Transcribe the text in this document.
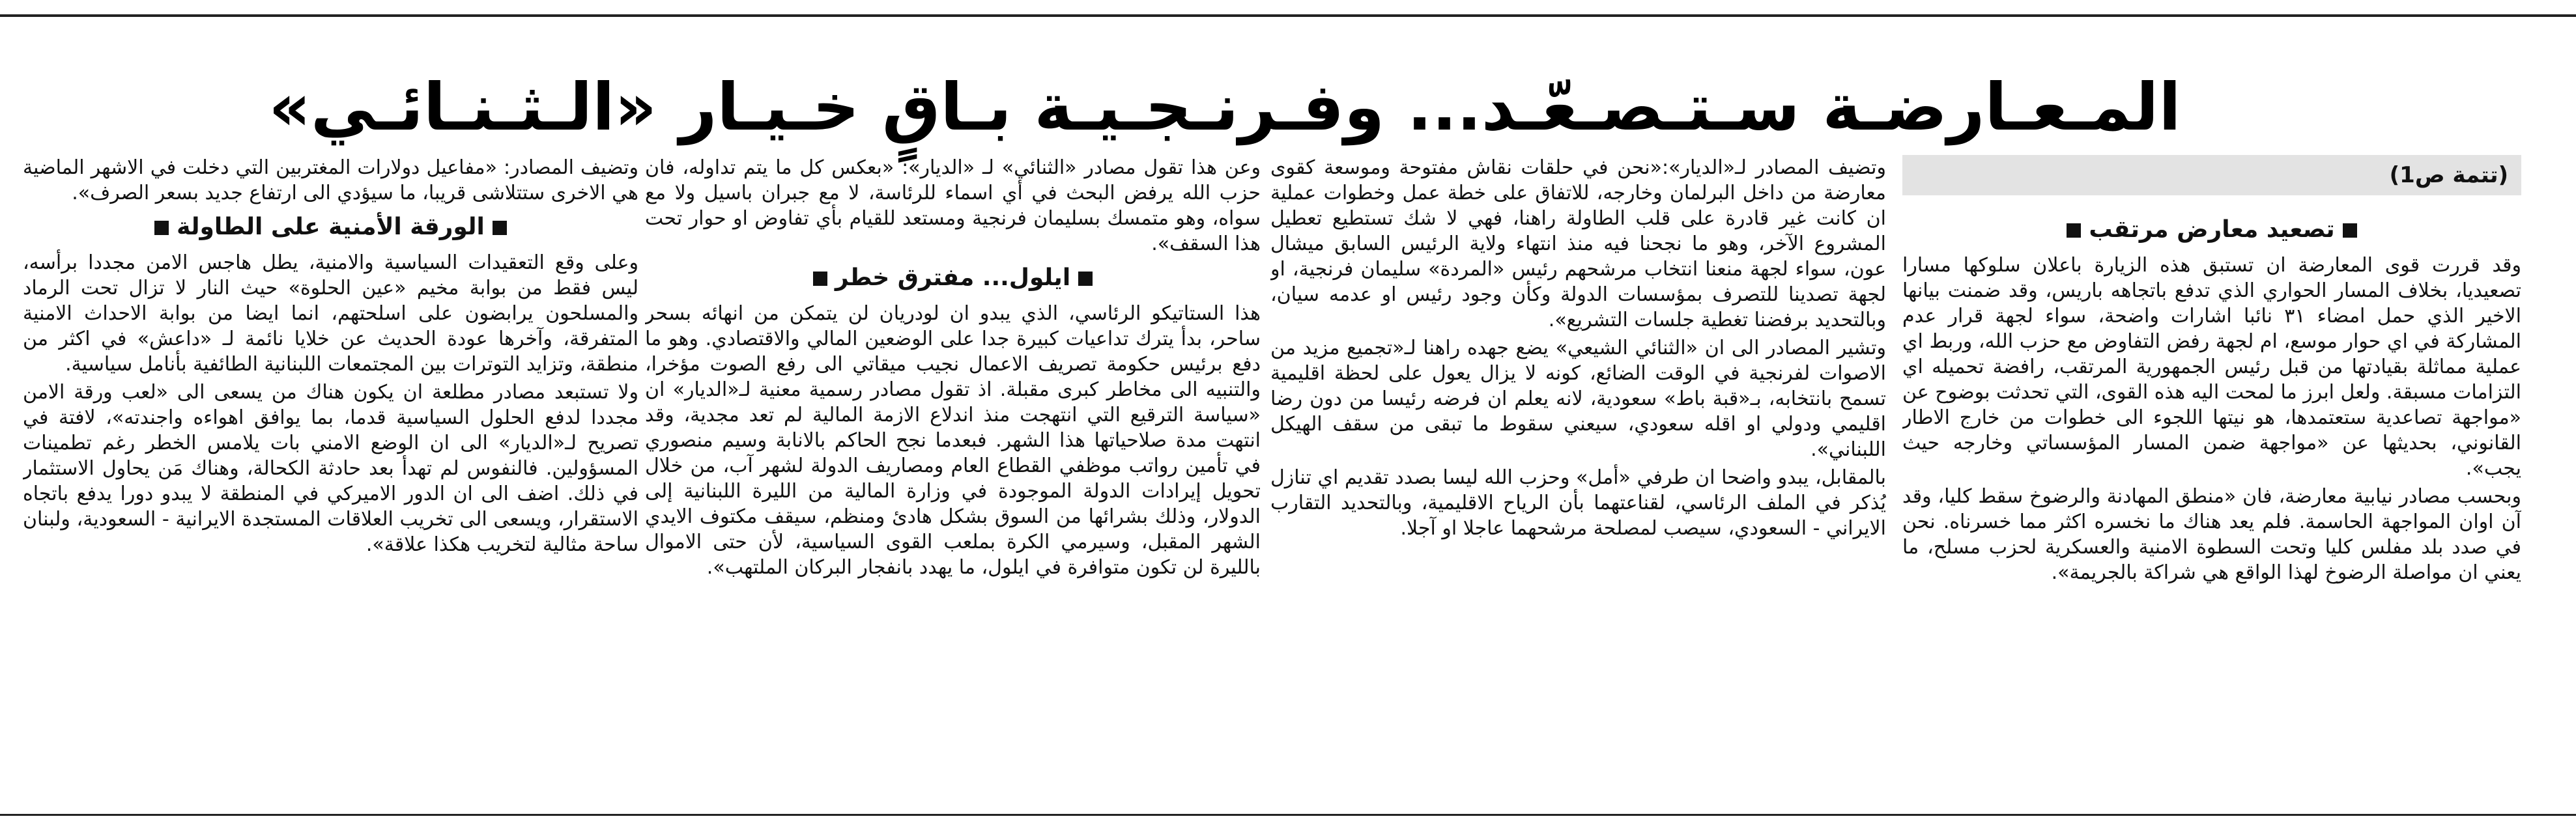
المـعـارضـة سـتـصـعّـد... وفـرنـجـيـة بـاقٍ خـيـار «الـثـنـائـي»
(تتمة ص1)
تصعيد معارض مرتقب

وقد قررت قوى المعارضة ان تستبق هذه الزيارة باعلان سلوكها مسارا تصعيديا، بخلاف المسار الحواري الذي تدفع باتجاهه باريس، وقد ضمنت بيانها الاخير الذي حمل امضاء ٣١ نائبا اشارات واضحة، سواء لجهة قرار عدم المشاركة في اي حوار موسع، ام لجهة رفض التفاوض مع حزب الله، وربط اي عملية مماثلة بقيادتها من قبل رئيس الجمهورية المرتقب، رافضة تحميله اي التزامات مسبقة. ولعل ابرز ما لمحت اليه هذه القوى، التي تحدثت بوضوح عن «مواجهة تصاعدية ستعتمدها، هو نيتها اللجوء الى خطوات من خارج الاطار القانوني، بحديثها عن «مواجهة ضمن المسار المؤسساتي وخارجه حيث يجب».

وبحسب مصادر نيابية معارضة، فان «منطق المهادنة والرضوخ سقط كليا، وقد آن اوان المواجهة الحاسمة. فلم يعد هناك ما نخسره اكثر مما خسرناه. نحن في صدد بلد مفلس كليا وتحت السطوة الامنية والعسكرية لحزب مسلح، ما يعني ان مواصلة الرضوخ لهذا الواقع هي شراكة بالجريمة».

وتضيف المصادر لـ«الديار»:«نحن في حلقات نقاش مفتوحة وموسعة كقوى معارضة من داخل البرلمان وخارجه، للاتفاق على خطة عمل وخطوات عملية ان كانت غير قادرة على قلب الطاولة راهنا، فهي لا شك تستطيع تعطيل المشروع الآخر، وهو ما نجحنا فيه منذ انتهاء ولاية الرئيس السابق ميشال عون، سواء لجهة منعنا انتخاب مرشحهم رئيس «المردة» سليمان فرنجية، او لجهة تصدينا للتصرف بمؤسسات الدولة وكأن وجود رئيس او عدمه سيان، وبالتحديد برفضنا تغطية جلسات التشريع».

وتشير المصادر الى ان «الثنائي الشيعي» يضع جهده راهنا لـ«تجميع مزيد من الاصوات لفرنجية في الوقت الضائع، كونه لا يزال يعول على لحظة اقليمية تسمح بانتخابه، بـ«قبة باط» سعودية، لانه يعلم ان فرضه رئيسا من دون رضا اقليمي ودولي او اقله سعودي، سيعني سقوط ما تبقى من سقف الهيكل اللبناني».

بالمقابل، يبدو واضحا ان طرفي «أمل» وحزب الله ليسا بصدد تقديم اي تنازل يُذكر في الملف الرئاسي، لقناعتهما بأن الرياح الاقليمية، وبالتحديد التقارب الايراني - السعودي، سيصب لمصلحة مرشحهما عاجلا او آجلا.

وعن هذا تقول مصادر «الثنائي» لـ «الديار»: «بعكس كل ما يتم تداوله، فان حزب الله يرفض البحث في أي اسماء للرئاسة، لا مع جبران باسيل ولا مع سواه، وهو متمسك بسليمان فرنجية ومستعد للقيام بأي تفاوض او حوار تحت هذا السقف».

ايلول... مفترق خطر

هذا الستاتيكو الرئاسي، الذي يبدو ان لودريان لن يتمكن من انهائه بسحر ساحر، بدأ يترك تداعيات كبيرة جدا على الوضعين المالي والاقتصادي. وهو ما دفع برئيس حكومة تصريف الاعمال نجيب ميقاتي الى رفع الصوت مؤخرا، والتنبيه الى مخاطر كبرى مقبلة. اذ تقول مصادر رسمية معنية لـ«الديار» ان «سياسة الترقيع التي انتهجت منذ اندلاع الازمة المالية لم تعد مجدية، وقد انتهت مدة صلاحياتها هذا الشهر. فبعدما نجح الحاكم بالانابة وسيم منصوري في تأمين رواتب موظفي القطاع العام ومصاريف الدولة لشهر آب، من خلال تحويل إيرادات الدولة الموجودة في وزارة المالية من الليرة اللبنانية إلى الدولار، وذلك بشرائها من السوق بشكل هادئ ومنظم، سيقف مكتوف الايدي الشهر المقبل، وسيرمي الكرة بملعب القوى السياسية، لأن حتى الاموال بالليرة لن تكون متوافرة في ايلول، ما يهدد بانفجار البركان الملتهب».

وتضيف المصادر: «مفاعيل دولارات المغتربين التي دخلت في الاشهر الماضية هي الاخرى ستتلاشى قريبا، ما سيؤدي الى ارتفاع جديد بسعر الصرف».

الورقة الأمنية على الطاولة

وعلى وقع التعقيدات السياسية والامنية، يطل هاجس الامن مجددا برأسه، ليس فقط من بوابة مخيم «عين الحلوة» حيث النار لا تزال تحت الرماد والمسلحون يرابضون على اسلحتهم، انما ايضا من بوابة الاحداث الامنية المتفرقة، وآخرها عودة الحديث عن خلايا نائمة لـ «داعش» في اكثر من منطقة، وتزايد التوترات بين المجتمعات اللبنانية الطائفية بأنامل سياسية.

ولا تستبعد مصادر مطلعة ان يكون هناك من يسعى الى «لعب ورقة الامن مجددا لدفع الحلول السياسية قدما، بما يوافق اهواءه واجندته»، لافتة في تصريح لـ«الديار» الى ان الوضع الامني بات يلامس الخطر رغم تطمينات المسؤولين. فالنفوس لم تهدأ بعد حادثة الكحالة، وهناك مَن يحاول الاستثمار في ذلك. اضف الى ان الدور الاميركي في المنطقة لا يبدو دورا يدفع باتجاه الاستقرار، ويسعى الى تخريب العلاقات المستجدة الايرانية - السعودية، ولبنان ساحة مثالية لتخريب هكذا علاقة».
